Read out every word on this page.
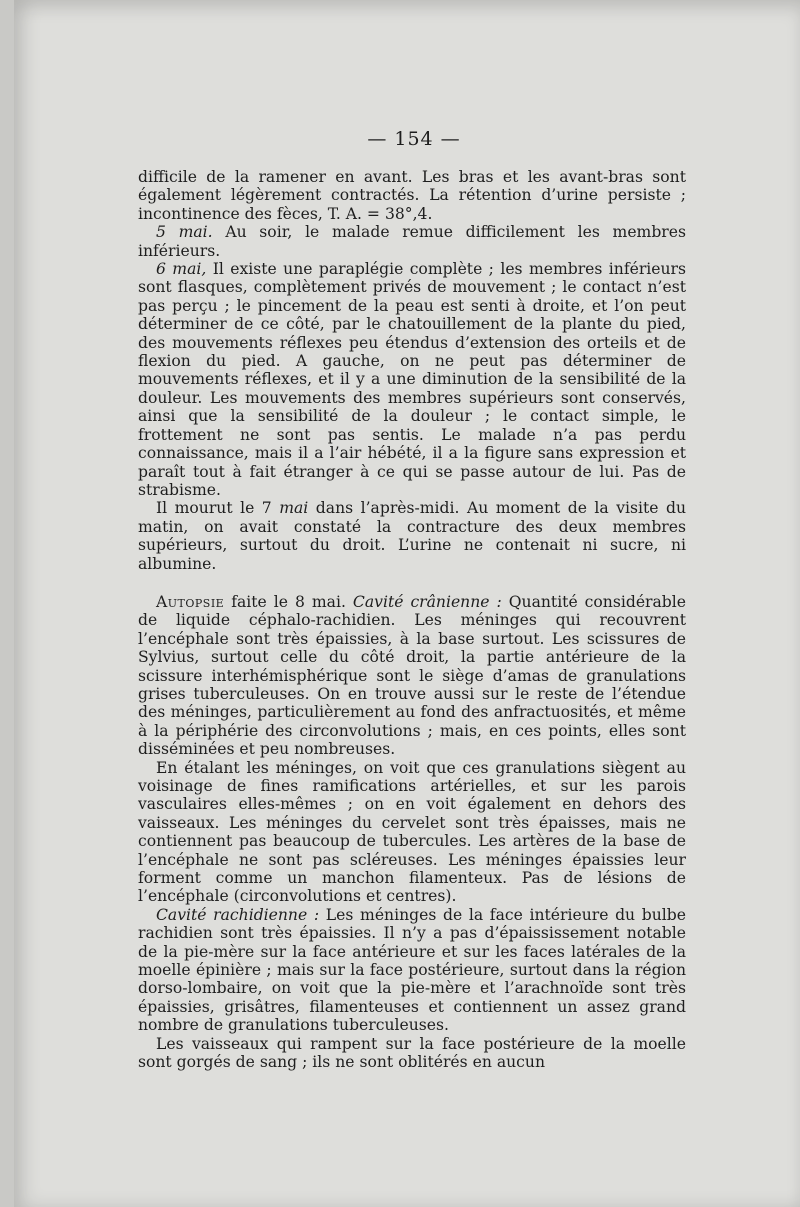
— 154 —

difficile de la ramener en avant. Les bras et les avant-bras sont également légèrement contractés. La rétention d’urine persiste ; incontinence des fèces, T. A. = 38°,4.

5 mai. Au soir, le malade remue difficilement les membres inférieurs.

6 mai, Il existe une paraplégie complète ; les membres inférieurs sont flasques, complètement privés de mouvement ; le contact n’est pas perçu ; le pincement de la peau est senti à droite, et l’on peut déterminer de ce côté, par le chatouillement de la plante du pied, des mouvements réflexes peu étendus d’extension des orteils et de flexion du pied. A gauche, on ne peut pas déterminer de mouvements réflexes, et il y a une diminution de la sensibilité de la douleur. Les mouvements des membres supérieurs sont conservés, ainsi que la sensibilité de la douleur ; le contact simple, le frottement ne sont pas sentis. Le malade n’a pas perdu connaissance, mais il a l’air hébété, il a la figure sans expression et paraît tout à fait étranger à ce qui se passe autour de lui. Pas de strabisme.

Il mourut le 7 mai dans l’après-midi. Au moment de la visite du matin, on avait constaté la contracture des deux membres supérieurs, surtout du droit. L’urine ne contenait ni sucre, ni albumine.

Autopsie faite le 8 mai. Cavité crânienne : Quantité considérable de liquide céphalo-rachidien. Les méninges qui recouvrent l’encéphale sont très épaissies, à la base surtout. Les scissures de Sylvius, surtout celle du côté droit, la partie antérieure de la scissure interhémisphérique sont le siège d’amas de granulations grises tuberculeuses. On en trouve aussi sur le reste de l’étendue des méninges, particulièrement au fond des anfractuosités, et même à la périphérie des circonvolutions ; mais, en ces points, elles sont disséminées et peu nombreuses.

En étalant les méninges, on voit que ces granulations siègent au voisinage de fines ramifications artérielles, et sur les parois vasculaires elles-mêmes ; on en voit également en dehors des vaisseaux. Les méninges du cervelet sont très épaisses, mais ne contiennent pas beaucoup de tubercules. Les artères de la base de l’encéphale ne sont pas scléreuses. Les méninges épaissies leur forment comme un manchon filamenteux. Pas de lésions de l’encéphale (circonvolutions et centres).

Cavité rachidienne : Les méninges de la face intérieure du bulbe rachidien sont très épaissies. Il n’y a pas d’épaississement notable de la pie-mère sur la face antérieure et sur les faces latérales de la moelle épinière ; mais sur la face postérieure, surtout dans la région dorso-lombaire, on voit que la pie-mère et l’arachnoïde sont très épaissies, grisâtres, filamenteuses et contiennent un assez grand nombre de granulations tuberculeuses.

Les vaisseaux qui rampent sur la face postérieure de la moelle sont gorgés de sang ; ils ne sont oblitérés en aucun
